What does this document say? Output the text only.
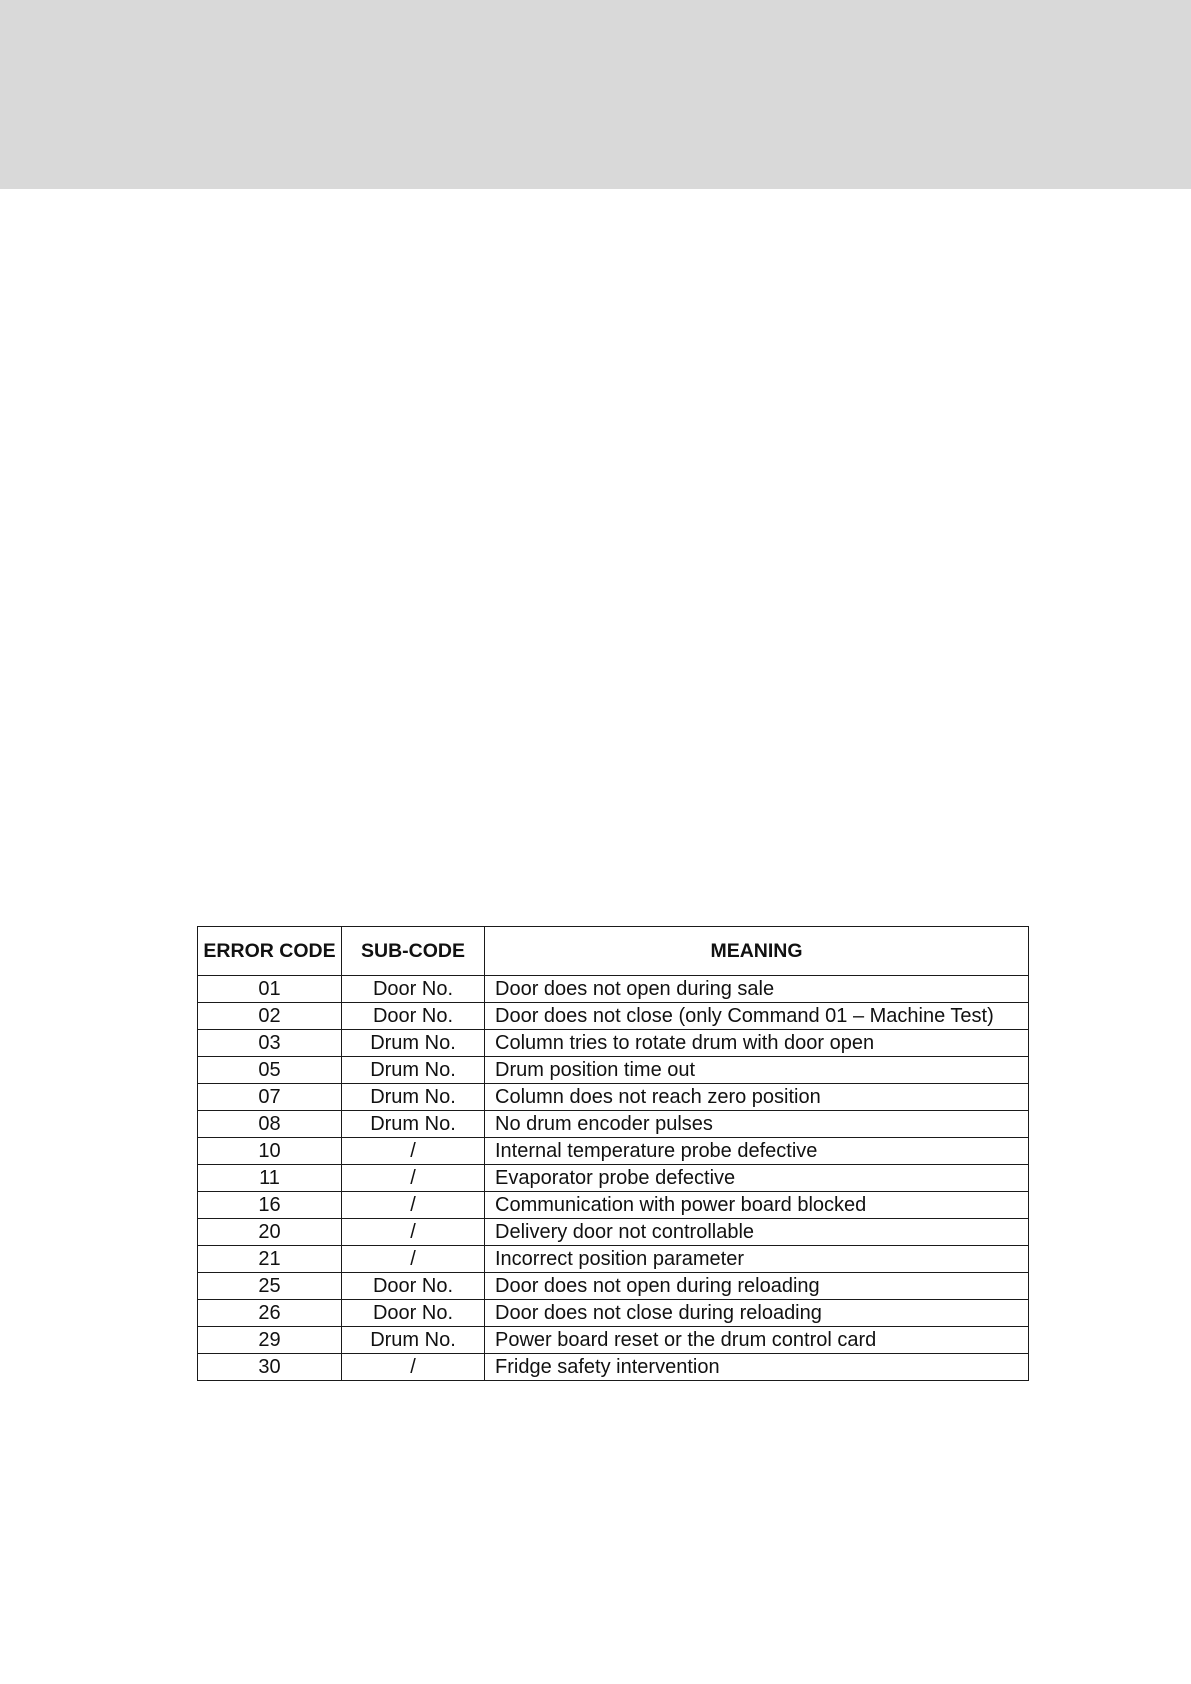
ERROR CODE	SUB-CODE	MEANING
01	Door No.	Door does not open during sale
02	Door No.	Door does not close (only Command 01 – Machine Test)
03	Drum No.	Column tries to rotate drum with door open
05	Drum No.	Drum position time out
07	Drum No.	Column does not reach zero position
08	Drum No.	No drum encoder pulses
10	/	Internal temperature probe defective
11	/	Evaporator probe defective
16	/	Communication with power board blocked
20	/	Delivery door not controllable
21	/	Incorrect position parameter
25	Door No.	Door does not open during reloading
26	Door No.	Door does not close during reloading
29	Drum No.	Power board reset or the drum control card
30	/	Fridge safety intervention
